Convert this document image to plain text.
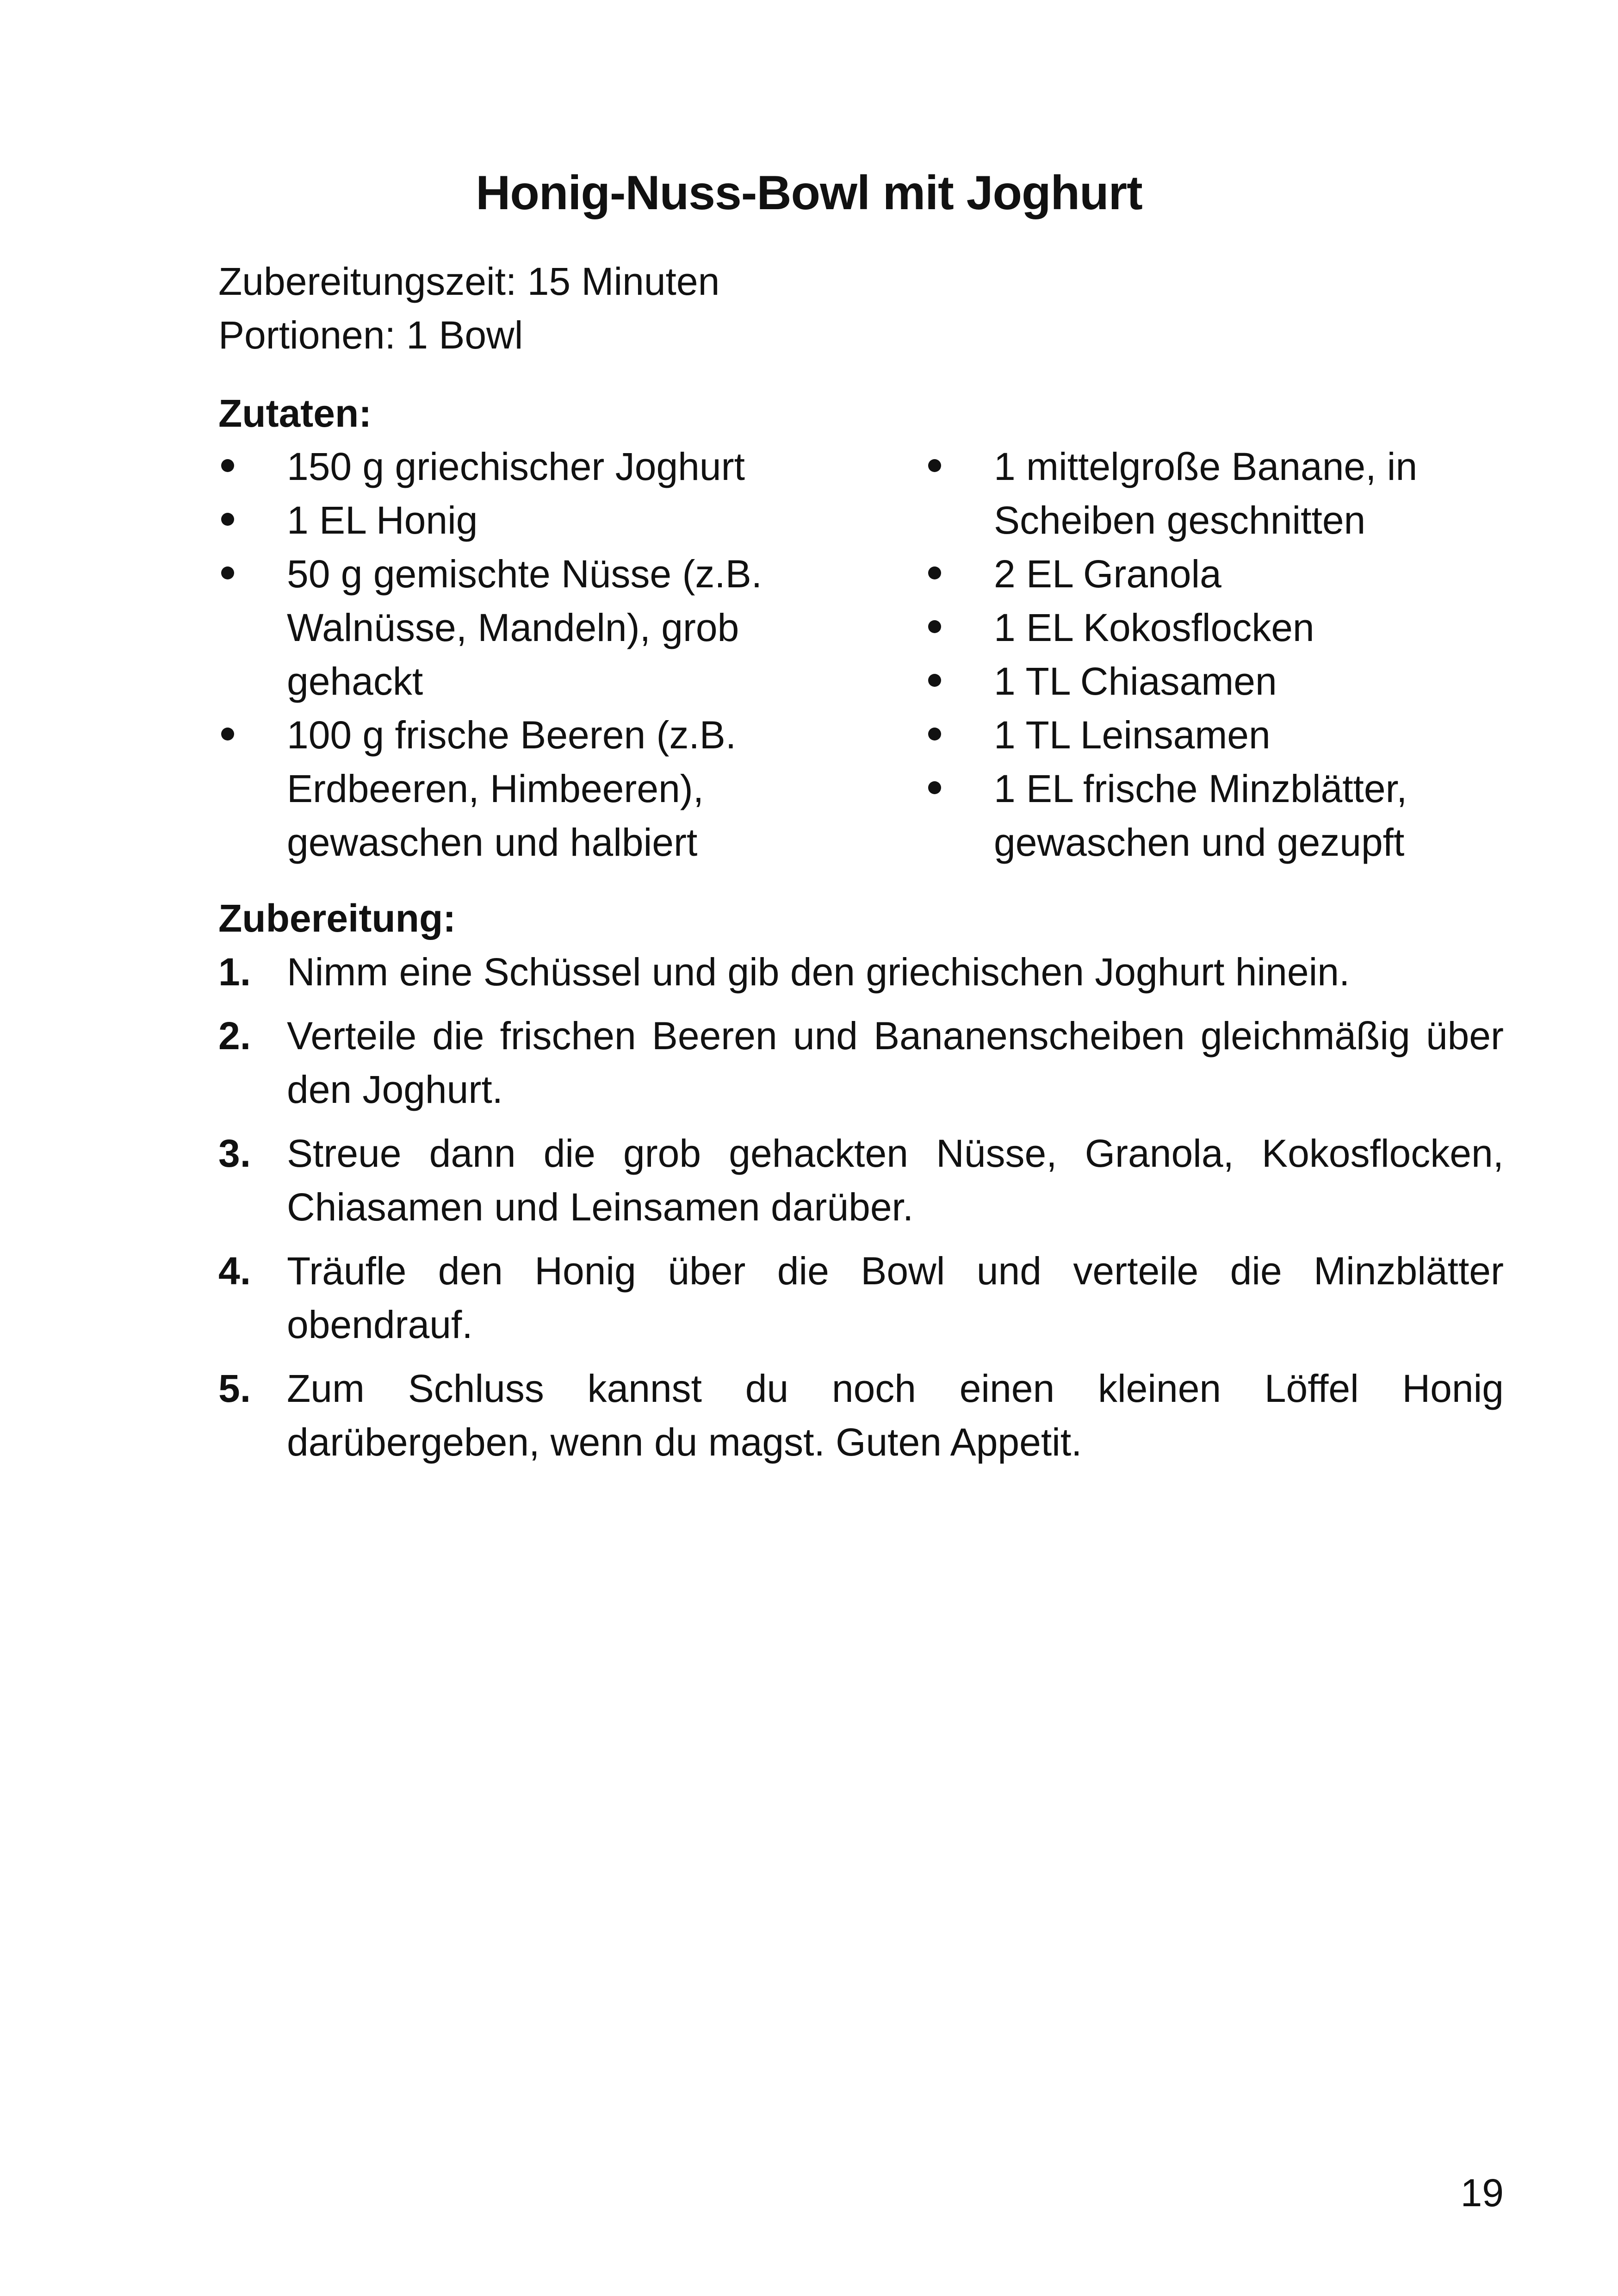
Honig-Nuss-Bowl mit Joghurt
Zubereitungszeit: 15 Minuten
Portionen: 1 Bowl
Zutaten:
150 g griechischer Joghurt
1 EL Honig
50 g gemischte Nüsse (z.B. Walnüsse, Mandeln), grob gehackt
100 g frische Beeren (z.B. Erdbeeren, Himbeeren), gewaschen und halbiert
1 mittelgroße Banane, in Scheiben geschnitten
2 EL Granola
1 EL Kokosflocken
1 TL Chiasamen
1 TL Leinsamen
1 EL frische Minzblätter, gewaschen und gezupft
Zubereitung:
1. Nimm eine Schüssel und gib den griechischen Joghurt hinein.
2. Verteile die frischen Beeren und Bananenscheiben gleichmäßig über den Joghurt.
3. Streue dann die grob gehackten Nüsse, Granola, Kokosflocken, Chiasamen und Leinsamen darüber.
4. Träufle den Honig über die Bowl und verteile die Minzblätter obendrauf.
5. Zum Schluss kannst du noch einen kleinen Löffel Honig darübergeben, wenn du magst. Guten Appetit.
19
